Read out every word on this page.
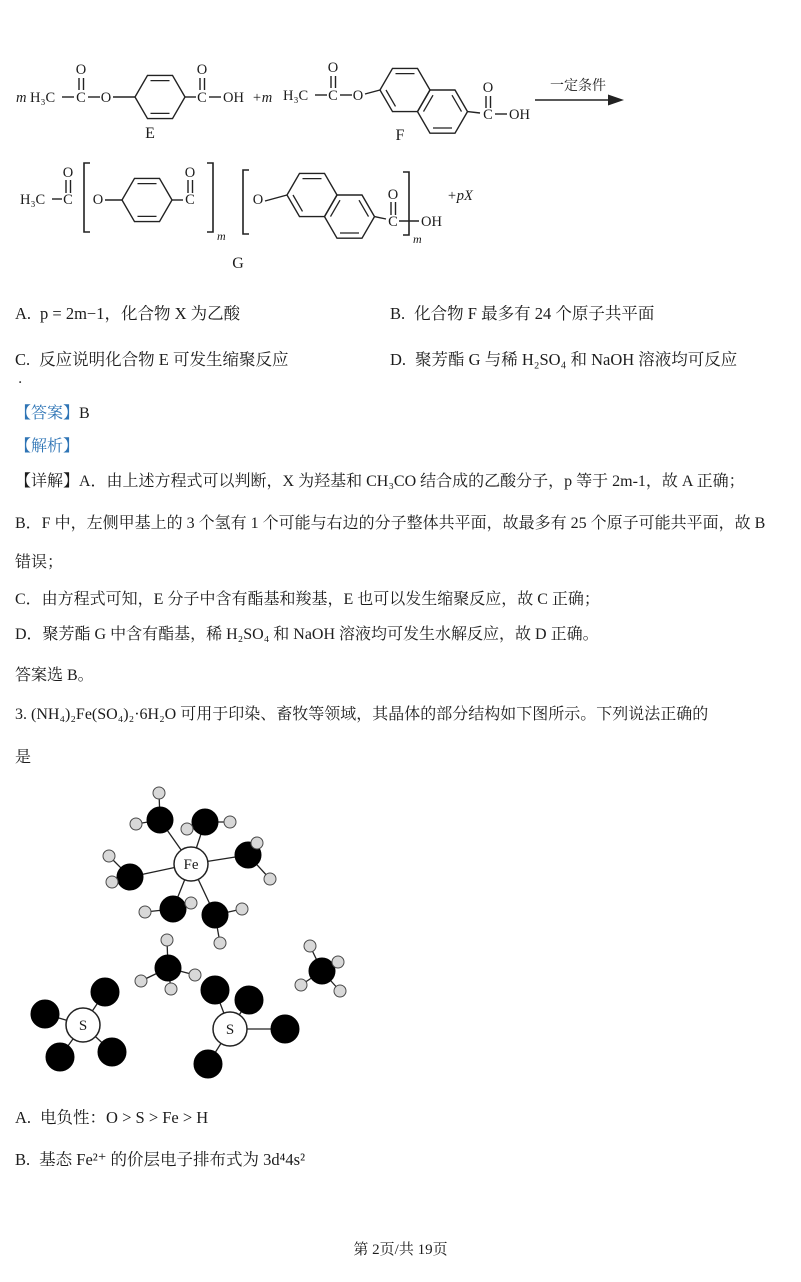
m H₃C C
O
O	C
O
OH
E
+m H₃C C
O
O
C
O
OH
F
一定条件
H₃C C
O
O	C
O
m
O
C
O
m
OH
+pX
G
A. p = 2m−1，化合物 X 为乙酸	B. 化合物 F 最多有 24 个原子共平面
C. 反应说明化合物 E 可发生缩聚反应	D. 聚芳酯 G 与稀 H₂SO₄ 和 NaOH 溶液均可反应
．
【答案】B
【解析】
【详解】A．由上述方程式可以判断，X 为羟基和 CH₃CO 结合成的乙酸分子，p 等于 2m-1，故 A 正确；
B．F 中，左侧甲基上的 3 个氢有 1 个可能与右边的分子整体共平面，故最多有 25 个原子可能共平面，故 B
错误；
C．由方程式可知，E 分子中含有酯基和羧基，E 也可以发生缩聚反应，故 C 正确；
D．聚芳酯 G 中含有酯基，稀 H₂SO₄ 和 NaOH 溶液均可发生水解反应，故 D 正确。
答案选 B。
3. (NH₄)₂Fe(SO₄)₂·6H₂O 可用于印染、畜牧等领域，其晶体的部分结构如下图所示。下列说法正确的
是
Fe
S	S
A. 电负性：O > S > Fe > H
B. 基态 Fe²⁺ 的价层电子排布式为 3d⁴4s²
第 2页/共 19页
